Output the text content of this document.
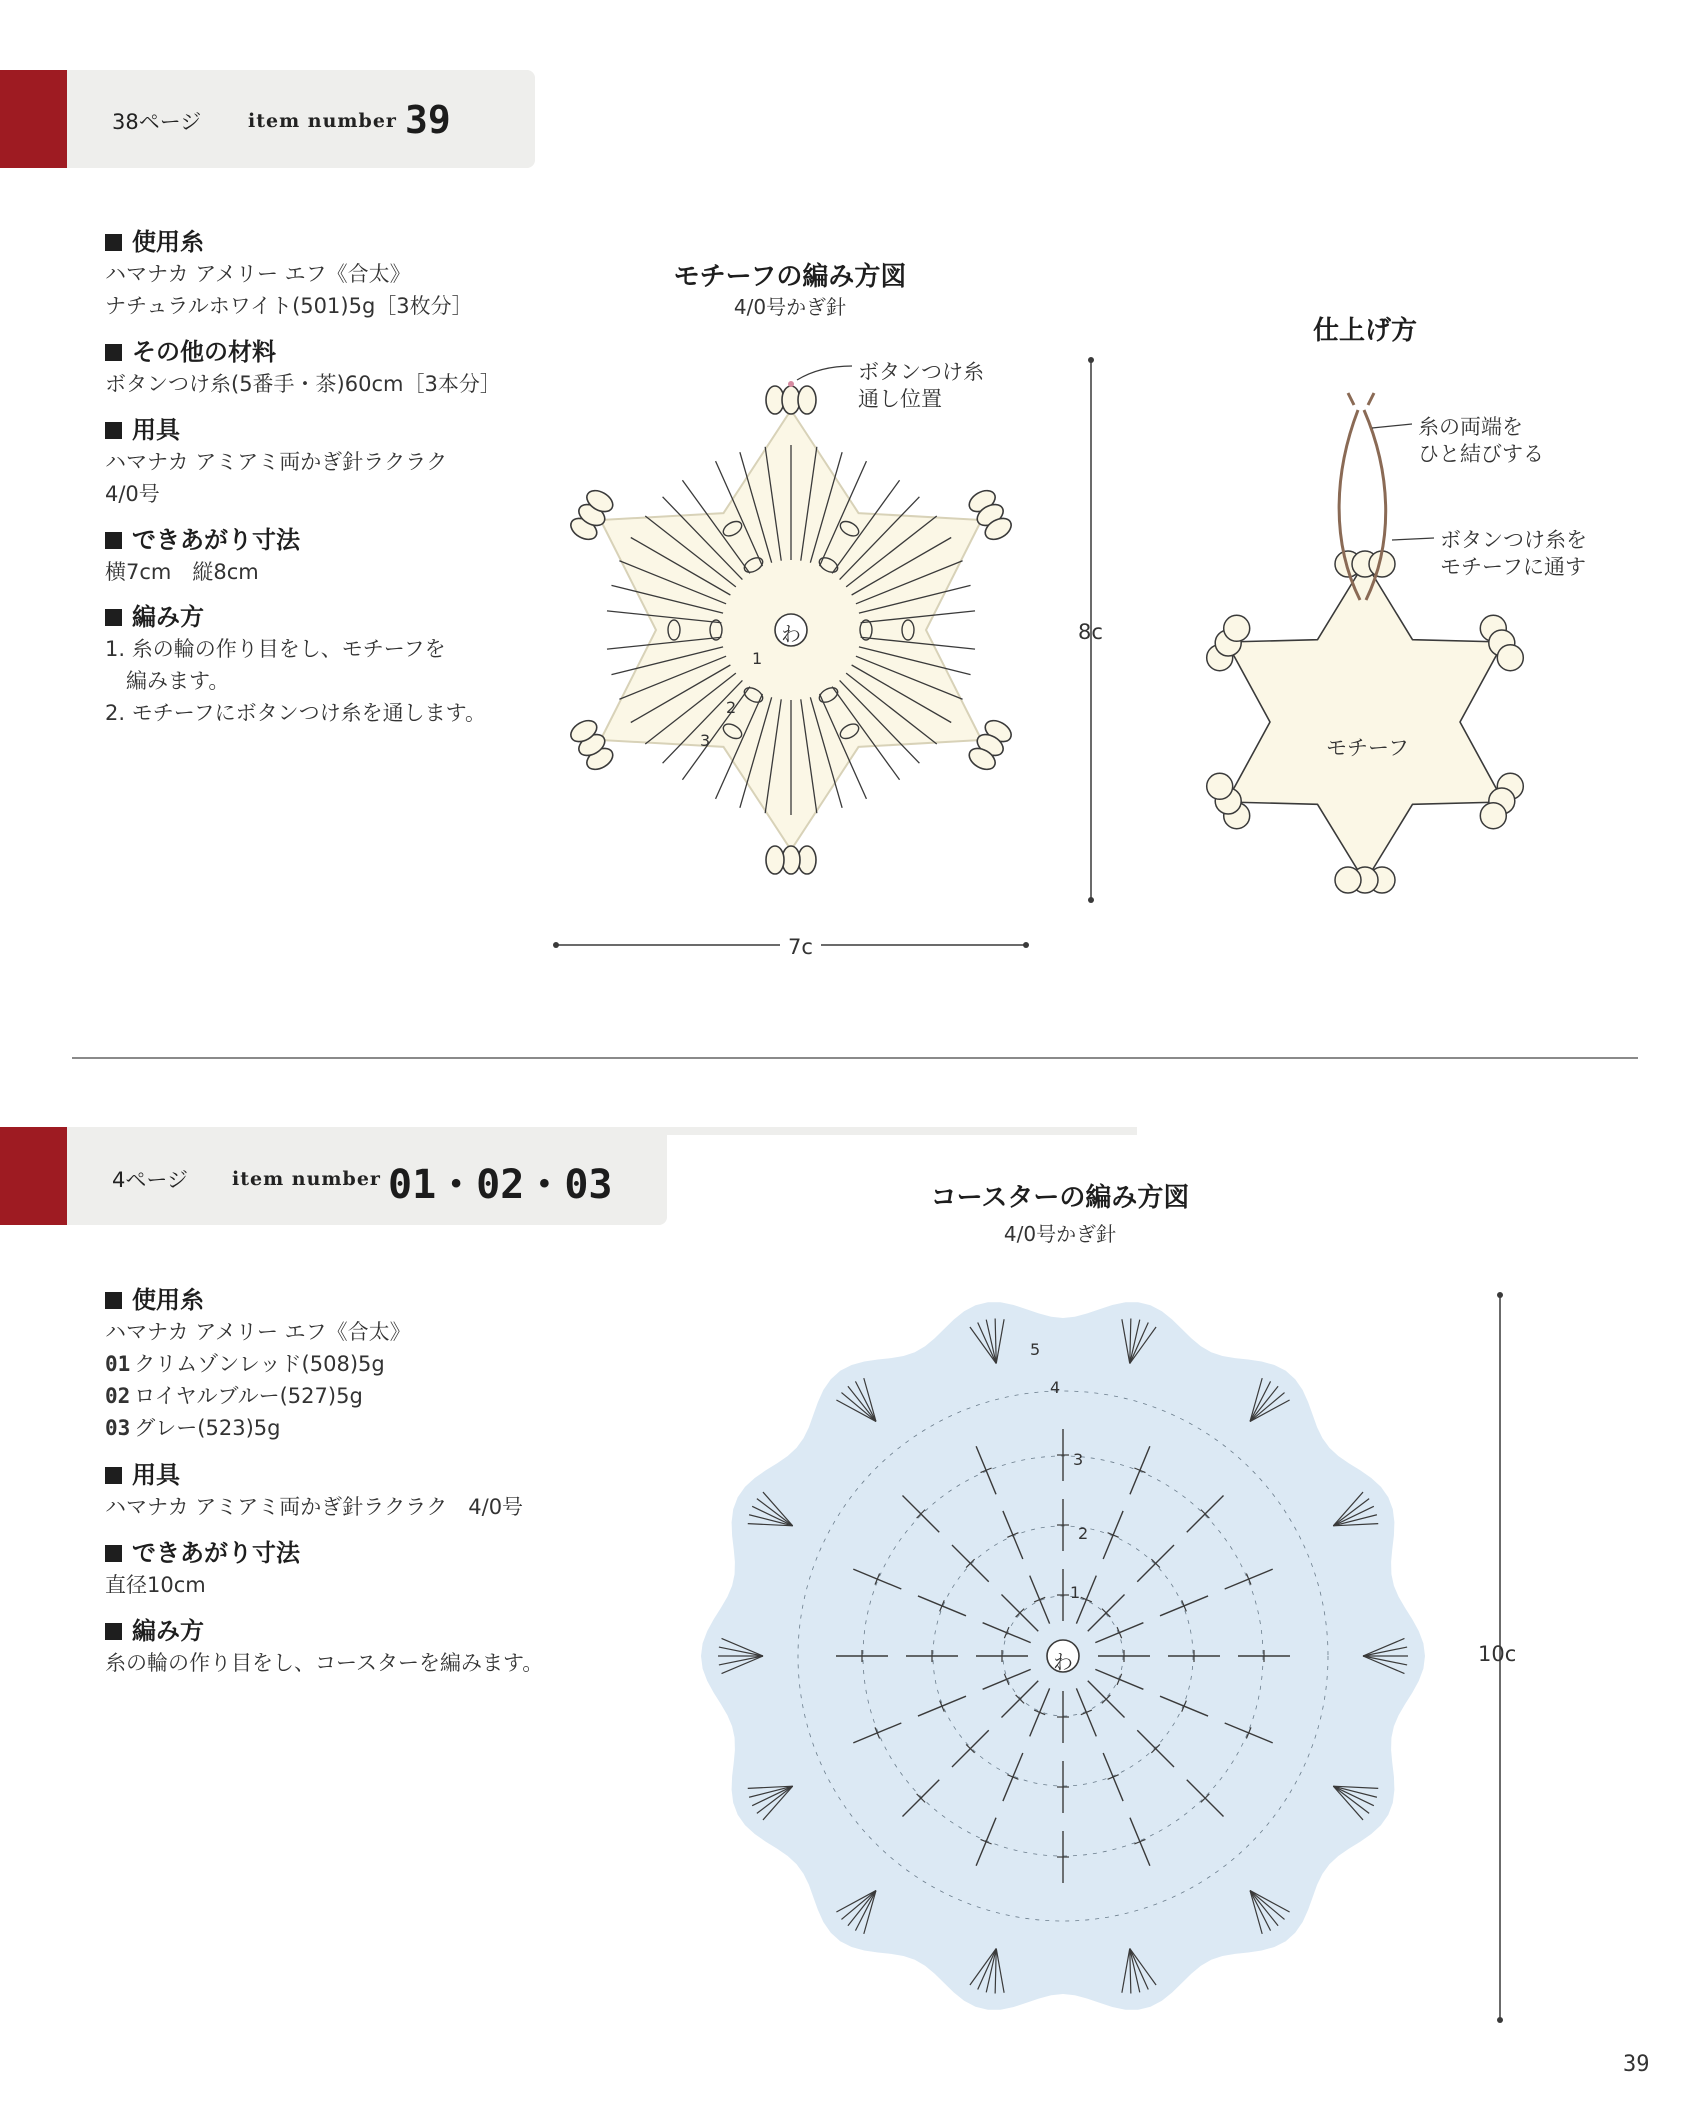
38ページ item number 39
使用糸
ハマナカ アメリー エフ《合太》
ナチュラルホワイト(501)5g［3枚分］
その他の材料
ボタンつけ糸(5番手・茶)60cm［3本分］
用具
ハマナカ アミアミ両かぎ針ラクラク
4/0号
できあがり寸法
横7cm　縦8cm
編み方
1. 糸の輪の作り目をし、モチーフを
　編みます。
2. モチーフにボタンつけ糸を通します。
モチーフの編み方図
4/0号かぎ針
ボタンつけ糸
通し位置
わ
1
2
3
8c
7c
仕上げ方
糸の両端を
ひと結びする
ボタンつけ糸を
モチーフに通す
モチーフ
4ページ item number 01・02・03
使用糸
ハマナカ アメリー エフ《合太》
01 クリムゾンレッド(508)5g
02 ロイヤルブルー(527)5g
03 グレー(523)5g
用具
ハマナカ アミアミ両かぎ針ラクラク　4/0号
できあがり寸法
直径10cm
編み方
糸の輪の作り目をし、コースターを編みます。
コースターの編み方図
4/0号かぎ針
わ
1
2
3
4
5
10c
39
